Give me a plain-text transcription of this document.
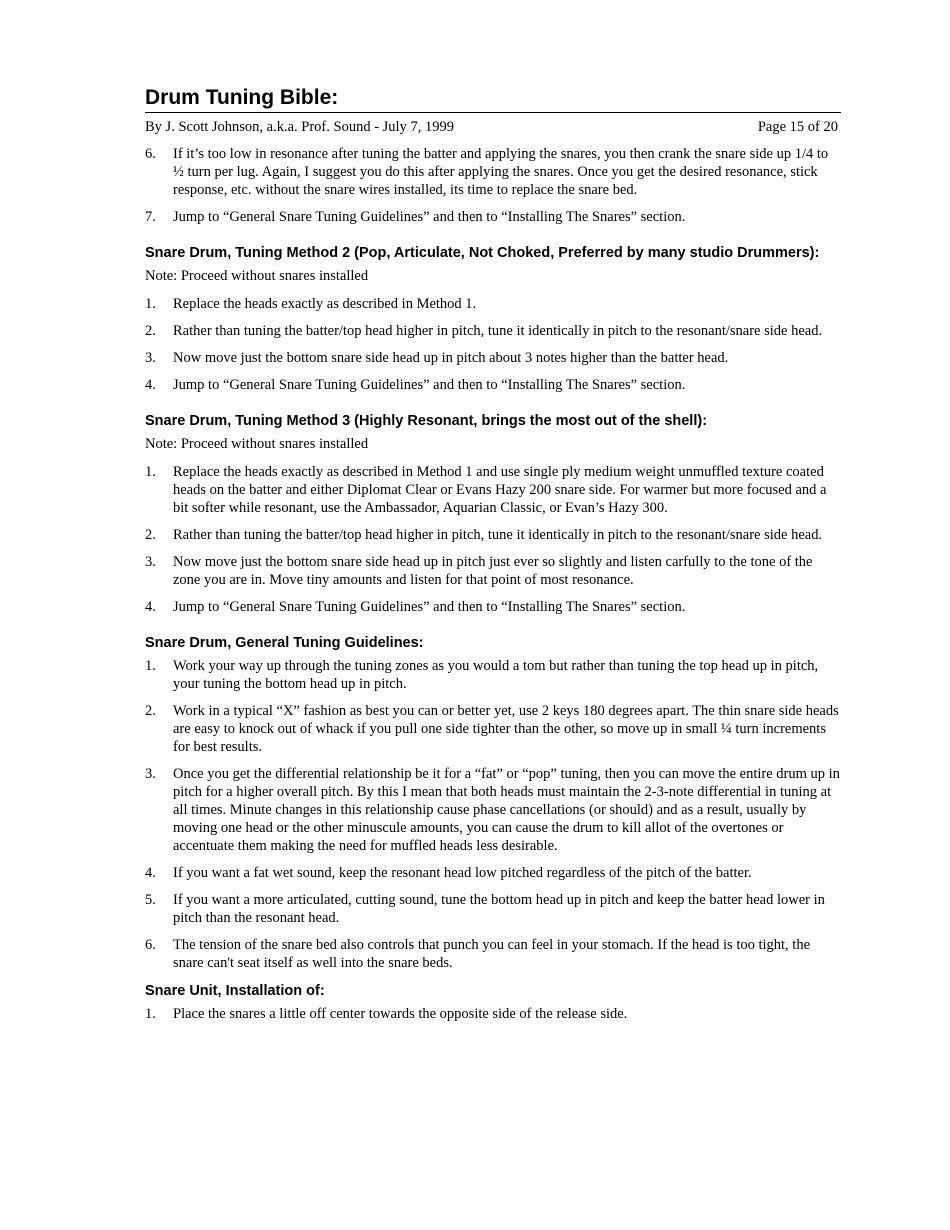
Drum Tuning Bible:
By J. Scott Johnson, a.k.a. Prof. Sound - July 7, 1999	Page 15 of 20
6.	If it’s too low in resonance after tuning the batter and applying the snares, you then crank the snare side up 1/4 to ½ turn per lug. Again, I suggest you do this after applying the snares. Once you get the desired resonance, stick response, etc. without the snare wires installed, its time to replace the snare bed.
7.	Jump to “General Snare Tuning Guidelines” and then to “Installing The Snares” section.
Snare Drum, Tuning Method 2 (Pop, Articulate, Not Choked, Preferred by many studio Drummers):

Note: Proceed without snares installed

1.	Replace the heads exactly as described in Method 1.
2.	Rather than tuning the batter/top head higher in pitch, tune it identically in pitch to the resonant/snare side head.
3.	Now move just the bottom snare side head up in pitch about 3 notes higher than the batter head.
4.	Jump to “General Snare Tuning Guidelines” and then to “Installing The Snares” section.
Snare Drum, Tuning Method 3 (Highly Resonant, brings the most out of the shell):

Note: Proceed without snares installed

1.	Replace the heads exactly as described in Method 1 and use single ply medium weight unmuffled texture coated heads on the batter and either Diplomat Clear or Evans Hazy 200 snare side. For warmer but more focused and a bit softer while resonant, use the Ambassador, Aquarian Classic, or Evan’s Hazy 300.
2.	Rather than tuning the batter/top head higher in pitch, tune it identically in pitch to the resonant/snare side head.
3.	Now move just the bottom snare side head up in pitch just ever so slightly and listen carfully to the tone of the zone you are in. Move tiny amounts and listen for that point of most resonance.
4.	Jump to “General Snare Tuning Guidelines” and then to “Installing The Snares” section.
Snare Drum, General Tuning Guidelines:
1.	Work your way up through the tuning zones as you would a tom but rather than tuning the top head up in pitch, your tuning the bottom head up in pitch.
2.	Work in a typical “X” fashion as best you can or better yet, use 2 keys 180 degrees apart. The thin snare side heads are easy to knock out of whack if you pull one side tighter than the other, so move up in small ¼ turn increments for best results.
3.	Once you get the differential relationship be it for a “fat” or “pop” tuning, then you can move the entire drum up in pitch for a higher overall pitch. By this I mean that both heads must maintain the 2-3-note differential in tuning at all times. Minute changes in this relationship cause phase cancellations (or should) and as a result, usually by moving one head or the other minuscule amounts, you can cause the drum to kill allot of the overtones or accentuate them making the need for muffled heads less desirable.
4.	If you want a fat wet sound, keep the resonant head low pitched regardless of the pitch of the batter.
5.	If you want a more articulated, cutting sound, tune the bottom head up in pitch and keep the batter head lower in pitch than the resonant head.
6.	The tension of the snare bed also controls that punch you can feel in your stomach. If the head is too tight, the snare can't seat itself as well into the snare beds.
Snare Unit, Installation of:
1.	Place the snares a little off center towards the opposite side of the release side.
